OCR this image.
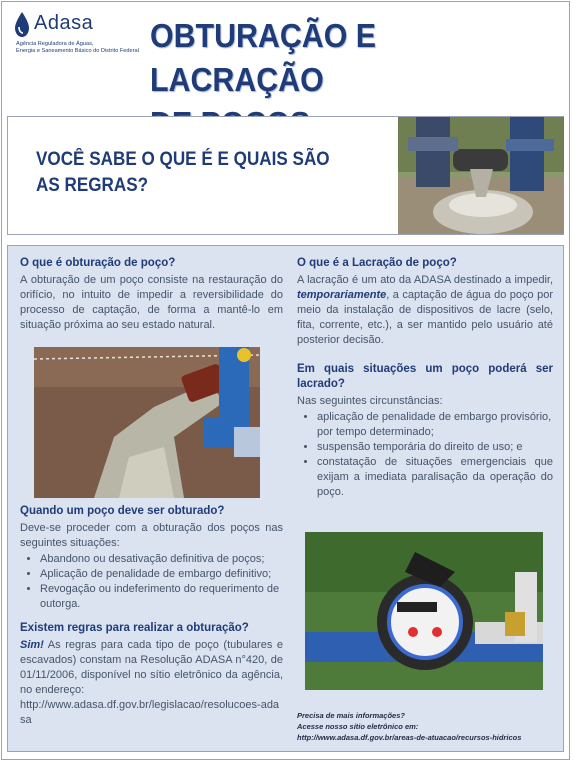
Adasa
Agência Reguladora de Águas,
Energia e Saneamento Básico do Distrito Federal OBTURAÇÃO E LACRAÇÃO
VOCÊ SABE O QUE É E QUAIS SÃO
AS REGRAS?
O que é obturação de poço?

A obturação de um poço consiste na restauração do orifício, no intuito de impedir a reversibilidade do processo de captação, de forma a mantê-lo em situação próxima ao seu estado natural.

Quando um poço deve ser obturado?

Deve-se proceder com a obturação dos poços nas seguintes situações:

• Abandono ou desativação definitiva de poços;
• Aplicação de penalidade de embargo definitivo;
• Revogação ou indeferimento do requerimento de outorga.
Existem regras para realizar a obturação?

Sim! As regras para cada tipo de poço (tubulares e escavados) constam na Resolução ADASA n°420, de 01/11/2006, disponível no sítio eletrônico da agência, no endereço:

http://www.adasa.df.gov.br/legislacao/resolucoes-adasa
O que é a Lacração de poço?

A lacração é um ato da ADASA destinado a impedir, temporariamente, a captação de água do poço por meio da instalação de dispositivos de lacre (selo, fita, corrente, etc.), a ser mantido pelo usuário até posterior decisão.

Em quais situações um poço poderá ser lacrado?

Nas seguintes circunstâncias:

• aplicação de penalidade de embargo provisório, por tempo determinado;
• suspensão temporária do direito de uso; e
• constatação de situações emergenciais que exijam a imediata paralisação da operação do poço.
Precisa de mais informações?
Acesse nosso sítio eletrônico em:
http://www.adasa.df.gov.br/areas-de-atuacao/recursos-hidricos
